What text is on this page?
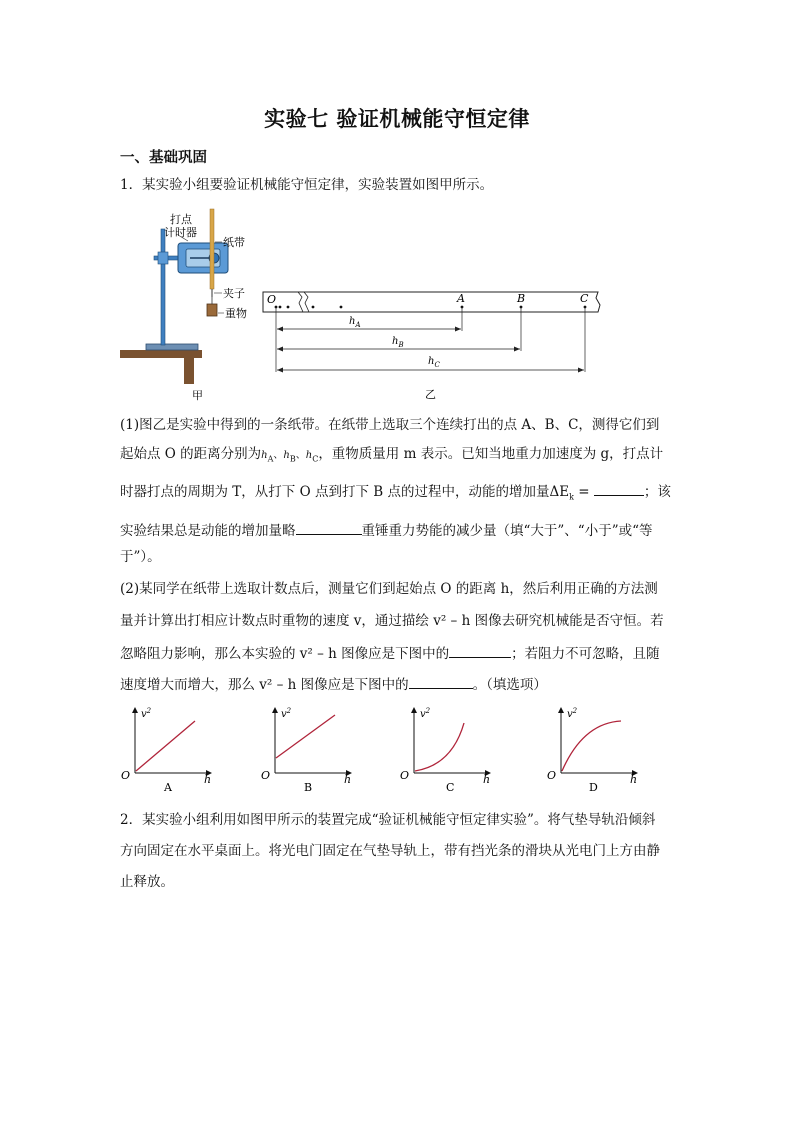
实验七 验证机械能守恒定律
一、基础巩固
1．某实验小组要验证机械能守恒定律，实验装置如图甲所示。
打点
计时器
纸带
夹子
重物
甲
O	A	B	C
$h_A$
$h_B$
$h_C$
乙
(1)图乙是实验中得到的一条纸带。在纸带上选取三个连续打出的点 A、B、C，测得它们到
起始点 O 的距离分别为$h_A$、$h_B$、$h_C$，重物质量用 m 表示。已知当地重力加速度为 g，打点计
时器打点的周期为 T，从打下 O 点到打下 B 点的过程中，动能的增加量$\Delta E_k$ =	；该
实验结果总是动能的增加量略	重锤重力势能的减少量（填“大于”、“小于”或“等
于”）。
(2)某同学在纸带上选取计数点后，测量它们到起始点 O 的距离 h，然后利用正确的方法测
量并计算出打相应计数点时重物的速度 v，通过描绘 v² – h 图像去研究机械能是否守恒。若
忽略阻力影响，那么本实验的 v² – h 图像应是下图中的	；若阻力不可忽略，且随
速度增大而增大，那么 v² – h 图像应是下图中的	。（填选项）
$v^2$
h
O
A
$v^2$
h
O
B
$v^2$
h
O
C
$v^2$
h
O
D
2．某实验小组利用如图甲所示的装置完成“验证机械能守恒定律实验”。将气垫导轨沿倾斜
方向固定在水平桌面上。将光电门固定在气垫导轨上，带有挡光条的滑块从光电门上方由静
止释放。
